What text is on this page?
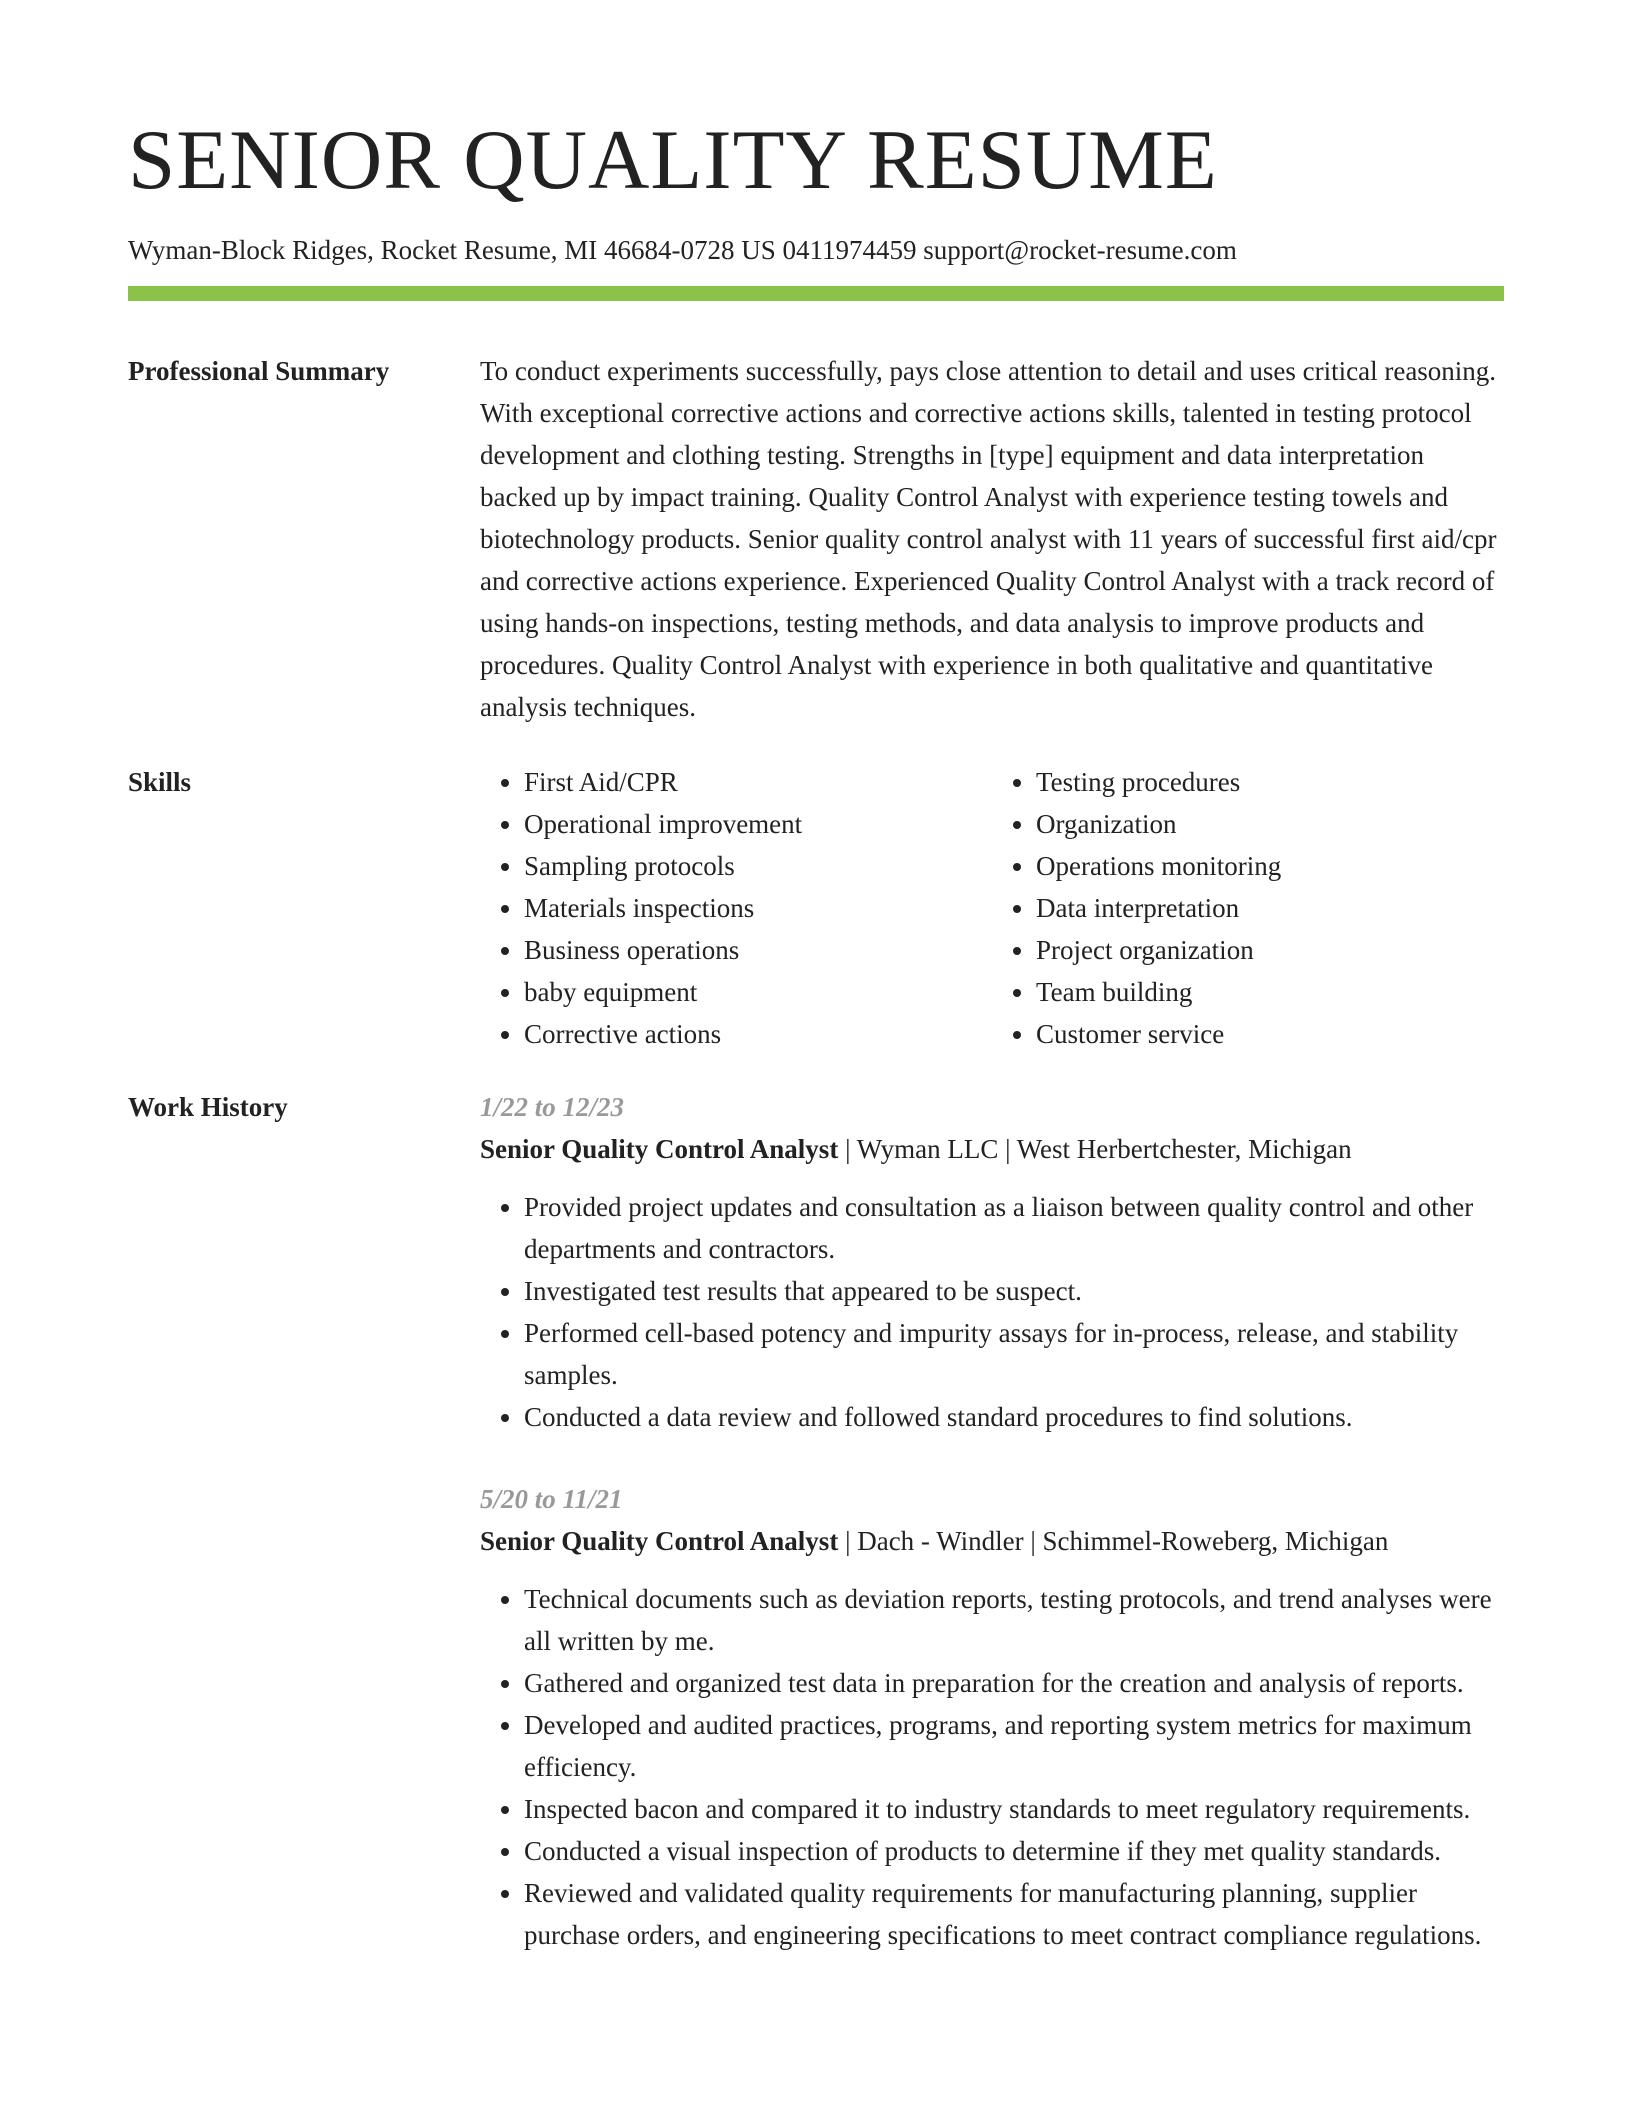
SENIOR QUALITY RESUME
Wyman-Block Ridges, Rocket Resume, MI 46684-0728 US 0411974459 support@rocket-resume.com
Professional Summary	To conduct experiments successfully, pays close attention to detail and uses critical reasoning. With exceptional corrective actions and corrective actions skills, talented in testing protocol development and clothing testing. Strengths in [type] equipment and data interpretation backed up by impact training. Quality Control Analyst with experience testing towels and biotechnology products. Senior quality control analyst with 11 years of successful first aid/cpr and corrective actions experience. Experienced Quality Control Analyst with a track record of using hands-on inspections, testing methods, and data analysis to improve products and procedures. Quality Control Analyst with experience in both qualitative and quantitative analysis techniques.

Skills
•	First Aid/CPR
• Operational improvement
• Sampling protocols
• Materials inspections
• Business operations
• baby equipment
• Corrective actions
• Testing procedures
• Organization
• Operations monitoring
• Data interpretation
• Project organization
• Team building
• Customer service
Work History	1/22 to 12/23
Senior Quality Control Analyst | Wyman LLC | West Herbertchester, Michigan
• Provided project updates and consultation as a liaison between quality control and other departments and contractors.
• Investigated test results that appeared to be suspect.
• Performed cell-based potency and impurity assays for in-process, release, and stability samples.
• Conducted a data review and followed standard procedures to find solutions.
5/20 to 11/21
Senior Quality Control Analyst | Dach - Windler | Schimmel-Roweberg, Michigan
• Technical documents such as deviation reports, testing protocols, and trend analyses were all written by me.
• Gathered and organized test data in preparation for the creation and analysis of reports.
• Developed and audited practices, programs, and reporting system metrics for maximum efficiency.
• Inspected bacon and compared it to industry standards to meet regulatory requirements.
• Conducted a visual inspection of products to determine if they met quality standards.
• Reviewed and validated quality requirements for manufacturing planning, supplier purchase orders, and engineering specifications to meet contract compliance regulations.
